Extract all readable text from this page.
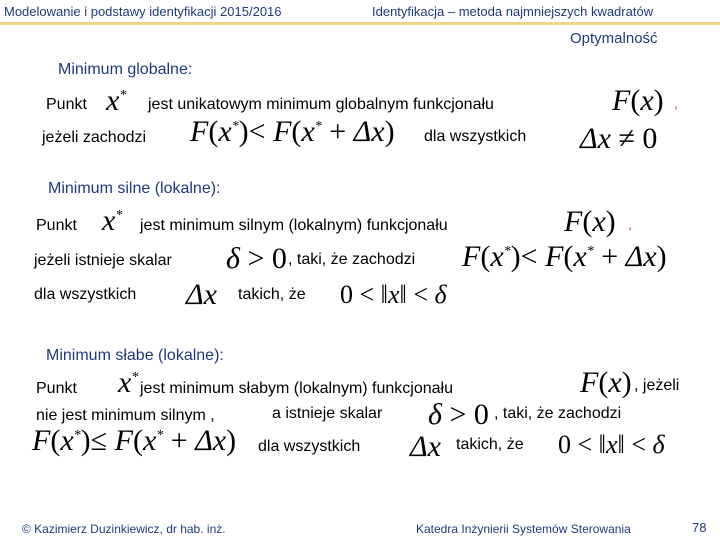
Modelowanie i podstawy identyfikacji 2015/2016	Identyfikacja – metoda najmniejszych kwadratów
Optymalność
Minimum globalne:
Punkt x*
jest unikatowym minimum globalnym funkcjonału	F(x) ,
jeżeli zachodzi F(x*)< F(x* + Δx) dla wszystkich Δx ≠ 0
Minimum silne (lokalne):
Punkt x*
jest minimum silnym (lokalnym) funkcjonału	F(x) ,
jeżeli istnieje skalar δ > 0 , taki, że zachodzi F(x*)< F(x* + Δx)
dla wszystkich Δx takich, że 0 < ‖x‖ < δ
Minimum słabe (lokalne):
Punkt x*
jest minimum słabym (lokalnym) funkcjonału	F(x) , jeżeli
nie jest minimum silnym ,	a istnieje skalar δ > 0 , taki, że zachodzi
F(x*)≤ F(x* + Δx) dla wszystkich Δx takich, że 0 < ‖x‖ < δ
© Kazimierz Duzinkiewicz, dr hab. inż.	Katedra Inżynierii Systemów Sterowania	78
